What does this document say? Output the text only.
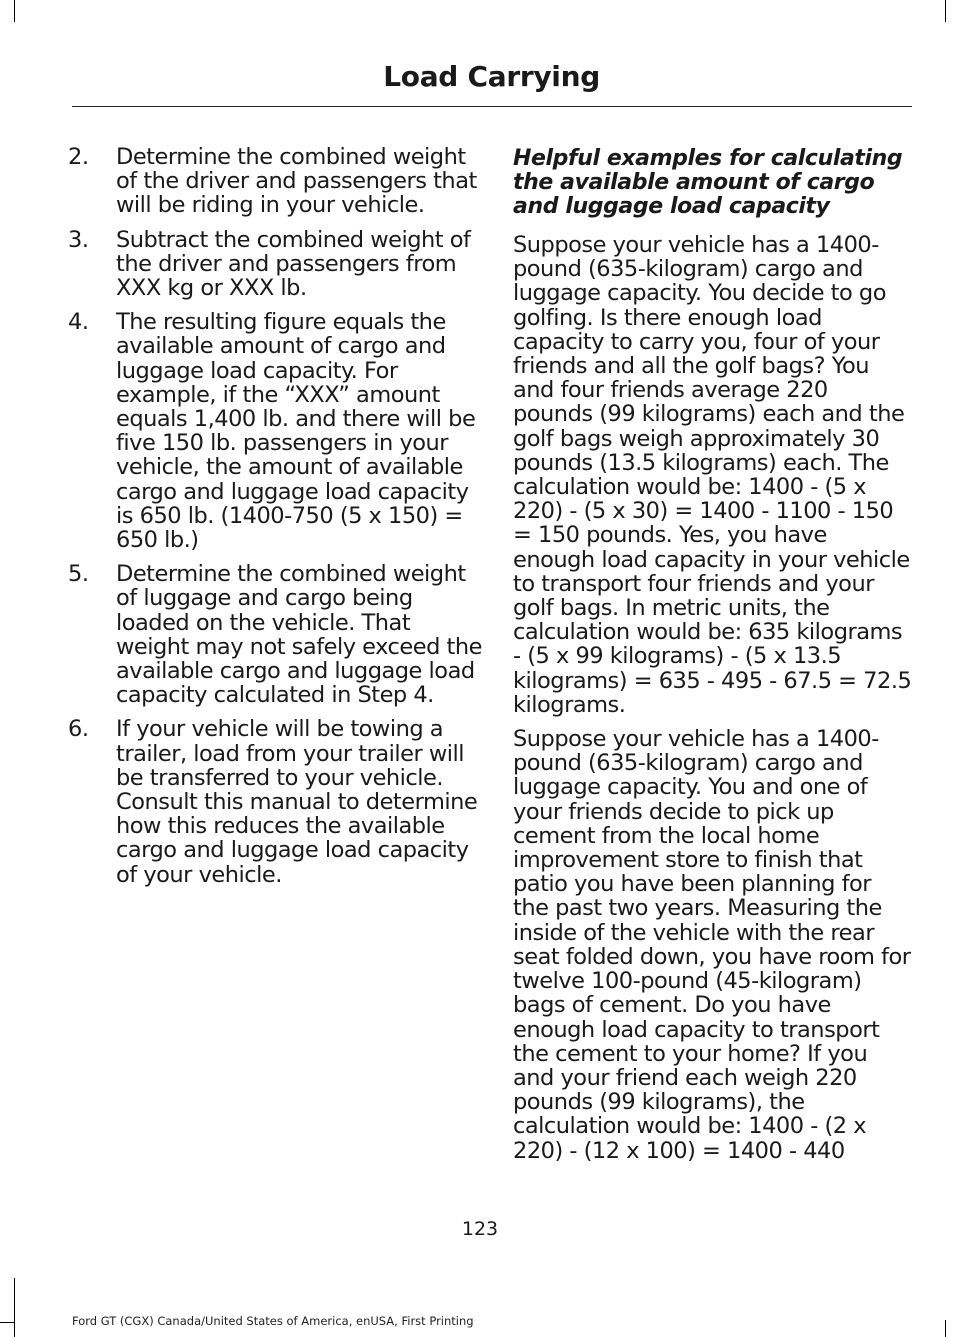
Load Carrying
2. Determine the combined weight of the driver and passengers that will be riding in your vehicle.
3. Subtract the combined weight of the driver and passengers from XXX kg or XXX lb.
4. The resulting figure equals the available amount of cargo and luggage load capacity. For example, if the “XXX” amount equals 1,400 lb. and there will be five 150 lb. passengers in your vehicle, the amount of available cargo and luggage load capacity is 650 lb. (1400-750 (5 x 150) = 650 lb.)
5. Determine the combined weight of luggage and cargo being loaded on the vehicle. That weight may not safely exceed the available cargo and luggage load capacity calculated in Step 4.
6. If your vehicle will be towing a trailer, load from your trailer will be transferred to your vehicle. Consult this manual to determine how this reduces the available cargo and luggage load capacity of your vehicle.
Helpful examples for calculating the available amount of cargo and luggage load capacity

Suppose your vehicle has a 1400-pound (635-kilogram) cargo and luggage capacity. You decide to go golfing. Is there enough load capacity to carry you, four of your friends and all the golf bags? You and four friends average 220 pounds (99 kilograms) each and the golf bags weigh approximately 30 pounds (13.5 kilograms) each. The calculation would be: 1400 - (5 x 220) - (5 x 30) = 1400 - 1100 - 150 = 150 pounds. Yes, you have enough load capacity in your vehicle to transport four friends and your golf bags. In metric units, the calculation would be: 635 kilograms - (5 x 99 kilograms) - (5 x 13.5 kilograms) = 635 - 495 - 67.5 = 72.5 kilograms.

Suppose your vehicle has a 1400-pound (635-kilogram) cargo and luggage capacity. You and one of your friends decide to pick up cement from the local home improvement store to finish that patio you have been planning for the past two years. Measuring the inside of the vehicle with the rear seat folded down, you have room for twelve 100-pound (45-kilogram) bags of cement. Do you have enough load capacity to transport the cement to your home? If you and your friend each weigh 220 pounds (99 kilograms), the calculation would be: 1400 - (2 x 220) - (12 x 100) = 1400 - 440

123
Ford GT (CGX) Canada/United States of America, enUSA, First Printing
